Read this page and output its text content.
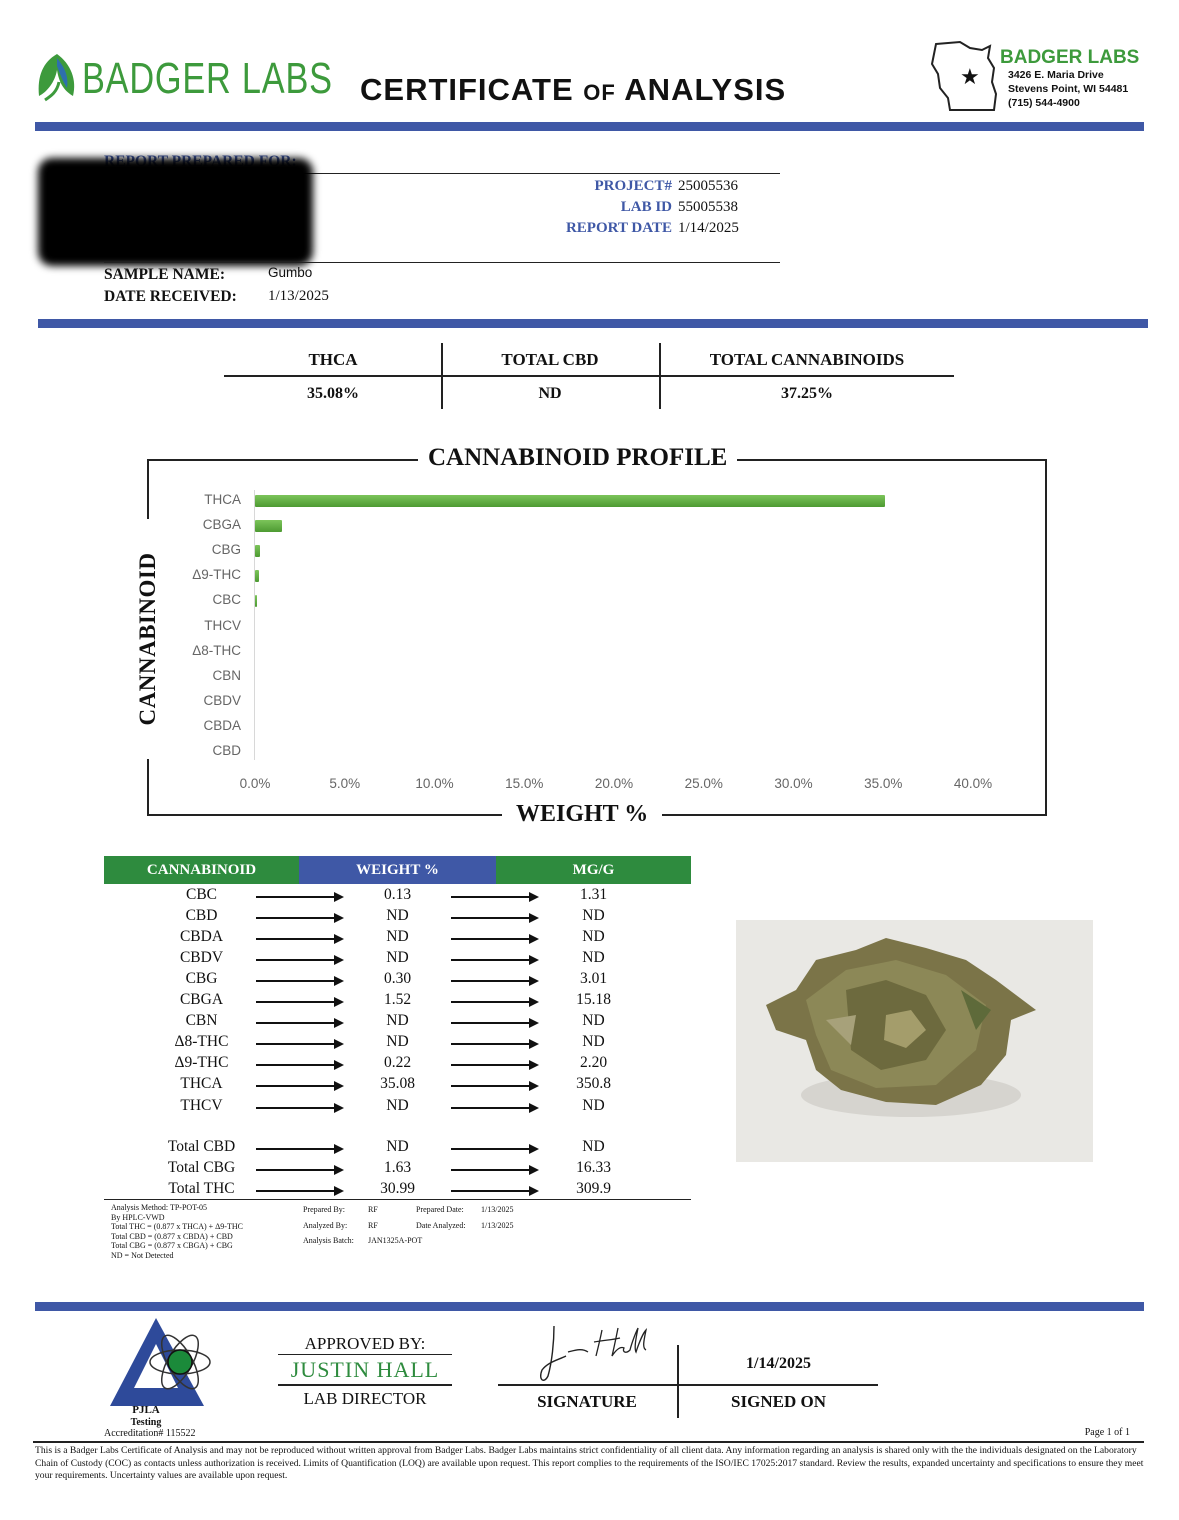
BADGER LABS CERTIFICATE OF ANALYSIS	★
BADGER LABS
3426 E. Maria Drive
Stevens Point, WI 54481
(715) 544-4900
PROJECT# 25005536
LAB ID 55005538
REPORT DATE 1/14/2025
SAMPLE NAME:	Gumbo
DATE RECEIVED: 1/13/2025
THCA	TOTAL CBD	TOTAL CANNABINOIDS
35.08%	ND	37.25%
CANNABINOID PROFILE
WEIGHT %
CANNABINOID
THCA
CBGA
CBG
Δ9-THC
CBC
THCV
Δ8-THC
CBN
CBDV
CBDA
CBD
0.0%	5.0%	10.0%	15.0%	20.0%	25.0%	30.0%	35.0%	40.0%
CANNABINOID	WEIGHT %	MG/G
CBC	0.13	1.31
CBD	ND	ND
CBDA	ND	ND
CBDV	ND	ND
CBG	0.30	3.01
CBGA	1.52	15.18
CBN	ND	ND
Δ8-THC	ND	ND
Δ9-THC	0.22	2.20
THCA	35.08	350.8
THCV	ND	ND
Total CBD	ND	ND
Total CBG	1.63	16.33
Total THC	30.99	309.9
Analysis Method: TP-POT-05
By HPLC-VWD
Total THC = (0.877 x THCA) + Δ9-THC
Total CBD = (0.877 x CBDA) + CBD
Total CBG = (0.877 x CBGA) + CBG
ND = Not Detected
Prepared By:	RF
Analyzed By:	RF
Analysis Batch: JAN1325A-POT
Prepared Date: 1/13/2025
Date Analyzed: 1/13/2025
PJLA
Testing
Accreditation# 115522
APPROVED BY:
JUSTIN HALL
LAB DIRECTOR	SIGNATURE
1/14/2025
SIGNED ON
Page 1 of 1
This is a Badger Labs Certificate of Analysis and may not be reproduced without written approval from Badger Labs. Badger Labs maintains strict confidentiality of all client data. Any information regarding an analysis is shared only with the the individuals designated on the Laboratory Chain of Custody (COC) as contacts unless authorization is received. Limits of Quantification (LOQ) are available upon request. This report complies to the requirements of the ISO/IEC 17025:2017 standard. Review the results, expanded uncertainty and specifications to ensure they meet your requirements. Uncertainty values are available upon request.
